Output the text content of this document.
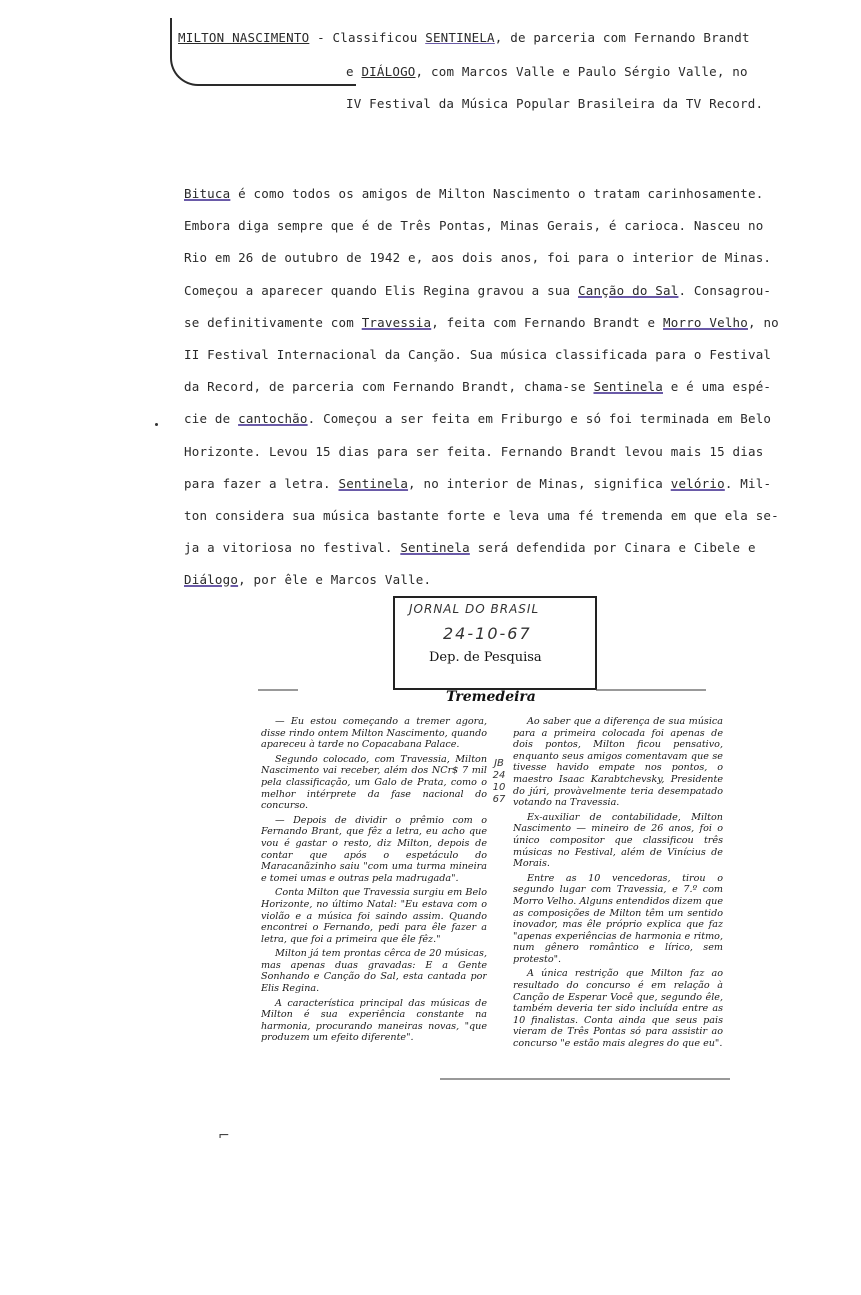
MILTON NASCIMENTO - Classificou SENTINELA, de parceria com Fernando Brandt
e DIÁLOGO, com Marcos Valle e Paulo Sérgio Valle, no
IV Festival da Música Popular Brasileira da TV Record.
Bituca é como todos os amigos de Milton Nascimento o tratam carinhosamente.
Embora diga sempre que é de Três Pontas, Minas Gerais, é carioca. Nasceu no
Rio em 26 de outubro de 1942 e, aos dois anos, foi para o interior de Minas.
Começou a aparecer quando Elis Regina gravou a sua Canção do Sal. Consagrou-
se definitivamente com Travessia, feita com Fernando Brandt e Morro Velho, no
II Festival Internacional da Canção. Sua música classificada para o Festival
da Record, de parceria com Fernando Brandt, chama-se Sentinela e é uma espé-
cie de cantochão. Começou a ser feita em Friburgo e só foi terminada em Belo
Horizonte. Levou 15 dias para ser feita. Fernando Brandt levou mais 15 dias
para fazer a letra. Sentinela, no interior de Minas, significa velório. Mil-
ton considera sua música bastante forte e leva uma fé tremenda em que ela se-
ja a vitoriosa no festival. Sentinela será defendida por Cinara e Cibele e
Diálogo, por êle e Marcos Valle.
JORNAL DO BRASIL
24-10-67
Dep. de Pesquisa
Tremedeira

— Eu estou começando a tremer agora, disse rindo ontem Milton Nascimento, quando apareceu à tarde no Copacabana Palace.

Segundo colocado, com Travessia, Milton Nascimento vai receber, além dos NCr$ 7 mil pela classificação, um Galo de Prata, como o melhor intérprete da fase nacional do concurso.

— Depois de dividir o prêmio com o Fernando Brant, que fêz a letra, eu acho que vou é gastar o resto, diz Milton, depois de contar que após o espetáculo do Maracanãzinho saiu "com uma turma mineira e tomei umas e outras pela madrugada".

Conta Milton que Travessia surgiu em Belo Horizonte, no último Natal: "Eu estava com o violão e a música foi saindo assim. Quando encontrei o Fernando, pedi para êle fazer a letra, que foi a primeira que êle fêz."

Milton já tem prontas cêrca de 20 músicas, mas apenas duas gravadas: E a Gente Sonhando e Canção do Sal, esta cantada por Elis Regina.

A característica principal das músicas de Milton é sua experiência constante na harmonia, procurando maneiras novas, "que produzem um efeito diferente".

JB 24 10 67

Ao saber que a diferença de sua música para a primeira colocada foi apenas de dois pontos, Milton ficou pensativo, enquanto seus amigos comentavam que se tivesse havido empate nos pontos, o maestro Isaac Karabtchevsky, Presidente do júri, provàvelmente teria desempatado votando na Travessia.

Ex-auxiliar de contabilidade, Milton Nascimento — mineiro de 26 anos, foi o único compositor que classificou três músicas no Festival, além de Vinícius de Morais.

Entre as 10 vencedoras, tirou o segundo lugar com Travessia, e 7.º com Morro Velho. Alguns entendidos dizem que as composições de Milton têm um sentido inovador, mas êle próprio explica que faz "apenas experiências de harmonia e ritmo, num gênero romântico e lírico, sem protesto".

A única restrição que Milton faz ao resultado do concurso é em relação à Canção de Esperar Você que, segundo êle, também deveria ter sido incluída entre as 10 finalistas. Conta ainda que seus pais vieram de Três Pontas só para assistir ao concurso "e estão mais alegres do que eu".

⌐
